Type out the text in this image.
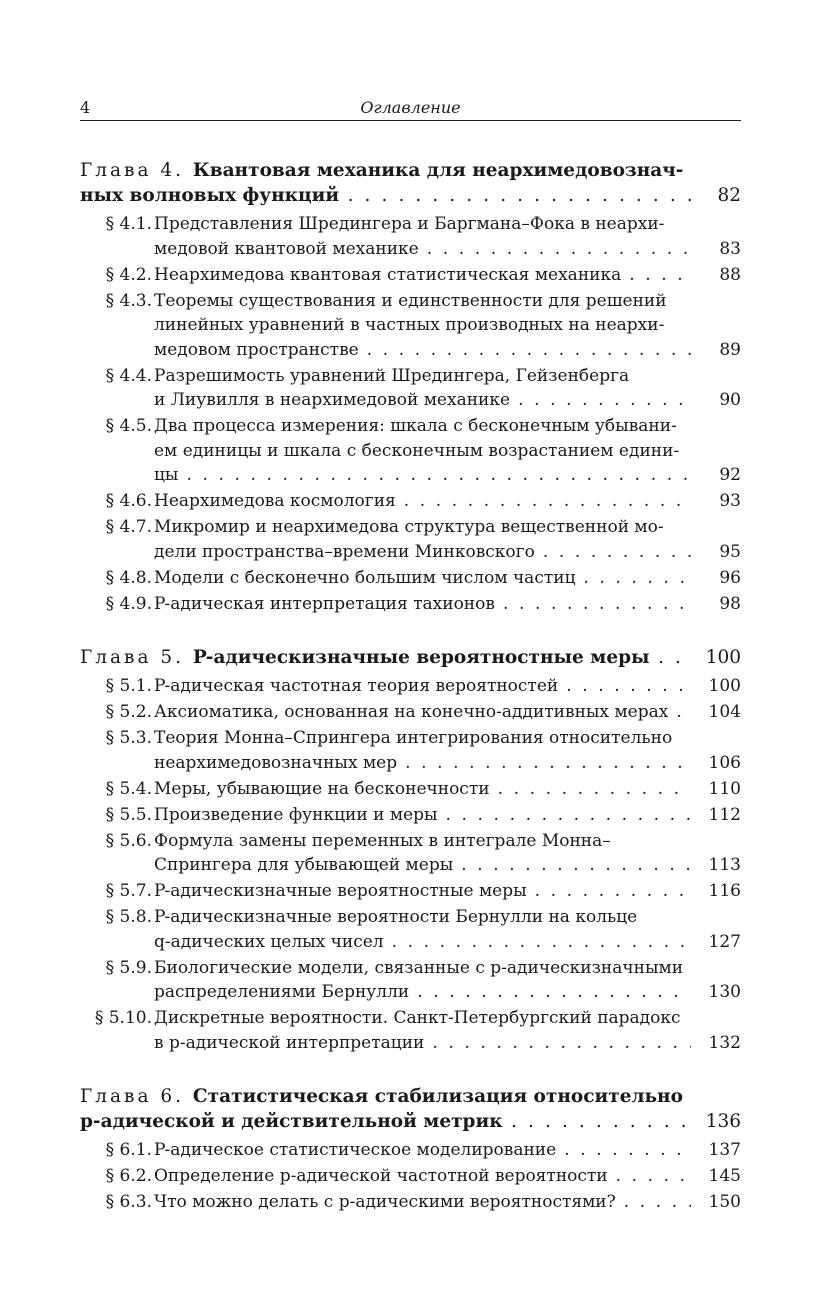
4	Оглавление
Глава 4. Квантовая механика для неархимедовознач-
ных волновых функций . . .	82
§ 4.1. Представления Шредингера и Баргмана–Фока в неархи-
медовой квантовой механике . . .	83
§ 4.2. Неархимедова квантовая статистическая механика . . .	88
§ 4.3. Теоремы существования и единственности для решений
линейных уравнений в частных производных на неархи-
медовом пространстве . . .	89
§ 4.4. Разрешимость уравнений Шредингера, Гейзенберга
и Лиувилля в неархимедовой механике . . .	90
§ 4.5. Два процесса измерения: шкала с бесконечным убывани-
ем единицы и шкала с бесконечным возрастанием едини-
цы . . .	92
§ 4.6. Неархимедова космология . . .	93
§ 4.7. Микромир и неархимедова структура вещественной мо-
дели пространства–времени Минковского . . .	95
§ 4.8. Модели с бесконечно большим числом частиц . . .	96
§ 4.9. P-адическая интерпретация тахионов . . .	98
Глава 5. P-адическизначные вероятностные меры . . .	100
§ 5.1. P-адическая частотная теория вероятностей . . .	100
§ 5.2. Аксиоматика, основанная на конечно-аддитивных мерах . . .	104
§ 5.3. Теория Монна–Спрингера интегрирования относительно
неархимедовозначных мер . . .	106
§ 5.4. Меры, убывающие на бесконечности . . .	110
§ 5.5. Произведение функции и меры . . .	112
§ 5.6. Формула замены переменных в интеграле Монна–
Спрингера для убывающей меры . . .	113
§ 5.7. P-адическизначные вероятностные меры . . .	116
§ 5.8. P-адическизначные вероятности Бернулли на кольце
q-адических целых чисел . . .	127
§ 5.9. Биологические модели, связанные с p-адическизначными
распределениями Бернулли . . .	130
§ 5.10. Дискретные вероятности. Санкт-Петербургский парадокс
в p-адической интерпретации . . .	132
Глава 6. Статистическая стабилизация относительно
p-адической и действительной метрик . . .	136
§ 6.1. P-адическое статистическое моделирование . . .	137
§ 6.2. Определение p-адической частотной вероятности . . .	145
§ 6.3. Что можно делать с p-адическими вероятностями? . . .	150
